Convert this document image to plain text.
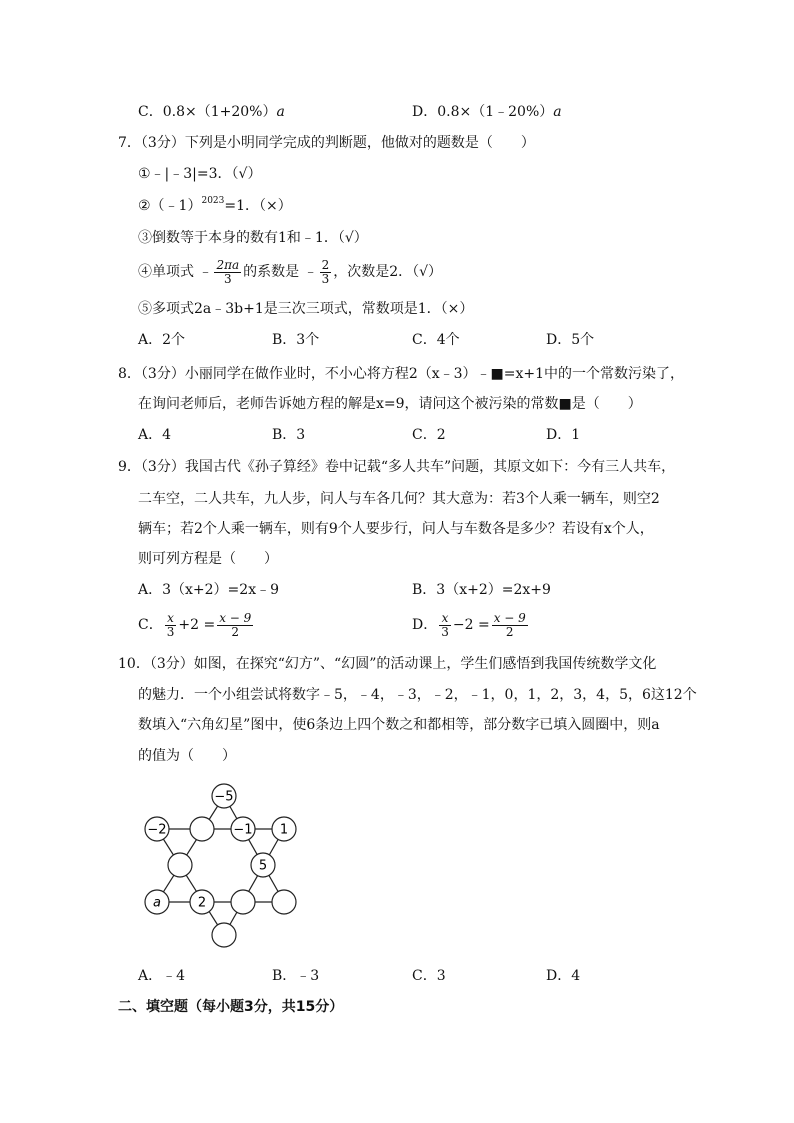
C．0.8×（1+20%）a	D．0.8×（1﹣20%）a
7．（3分）下列是小明同学完成的判断题，他做对的题数是（　　）
①﹣|﹣3|=3．（√）
②（﹣1）$^{2023}$=1．（×）
③倒数等于本身的数有1和﹣1．（√）
④单项式 ﹣ $\frac{2\pi a}{3}$ 的系数是 ﹣ $\frac{2}{3}$ ，次数是2．（√）
⑤多项式2a﹣3b+1是三次三项式，常数项是1．（×）
A．2个	B．3个	C．4个	D．5个
8．（3分）小丽同学在做作业时，不小心将方程2（x﹣3）﹣■=x+1中的一个常数污染了，
在询问老师后，老师告诉她方程的解是x=9，请问这个被污染的常数■是（　　）
A．4	B．3	C．2	D．1
9．（3分）我国古代《孙子算经》卷中记载“多人共车”问题，其原文如下：今有三人共车，
二车空，二人共车，九人步，问人与车各几何？其大意为：若3个人乘一辆车，则空2
辆车；若2个人乘一辆车，则有9个人要步行，问人与车数各是多少？若设有x个人，
则可列方程是（　　）
A．3（x+2）=2x﹣9	B．3（x+2）=2x+9
C． $\frac{x}{3} +2 = \frac{x - 9}{2}$	D． $\frac{x}{3} -2 = \frac{x - 9}{2}$
10．（3分）如图，在探究“幻方”、“幻圆”的活动课上，学生们感悟到我国传统数学文化
的魅力．一个小组尝试将数字﹣5，﹣4，﹣3，﹣2，﹣1，0，1，2，3，4，5，6这12个
数填入“六角幻星”图中，使6条边上四个数之和都相等，部分数字已填入圆圈中，则a
的值为（　　）
−5
−2	−1 1
5
a	2
A．﹣4	B．﹣3	C．3	D．4
二、填空题（每小题3分，共15分）
